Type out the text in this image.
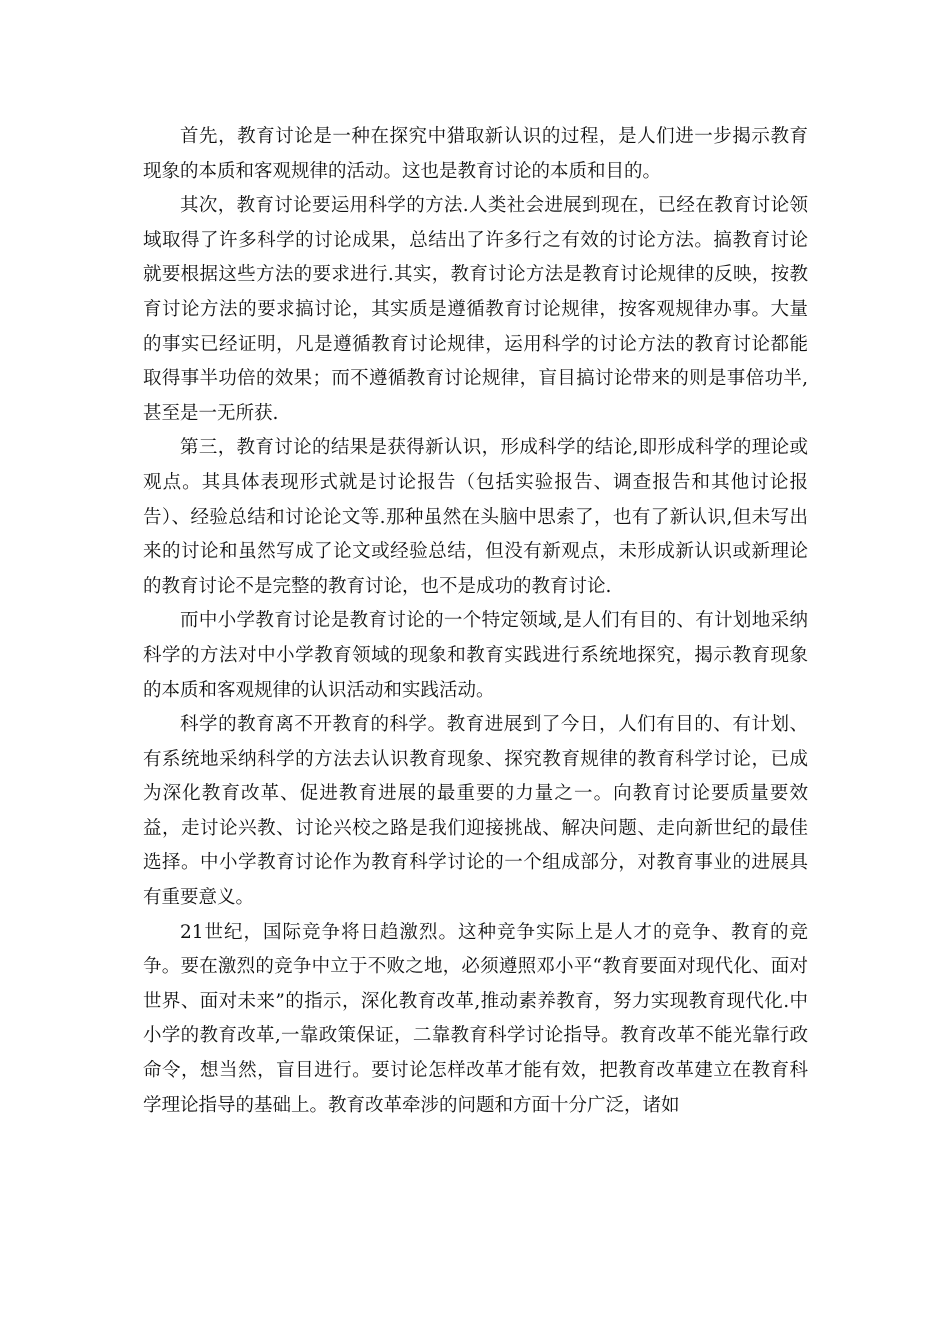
首先，教育讨论是一种在探究中猎取新认识的过程，是人们进一步揭示教育现象的本质和客观规律的活动。这也是教育讨论的本质和目的。

其次，教育讨论要运用科学的方法.人类社会进展到现在，已经在教育讨论领域取得了许多科学的讨论成果，总结出了许多行之有效的讨论方法。搞教育讨论就要根据这些方法的要求进行.其实，教育讨论方法是教育讨论规律的反映，按教育讨论方法的要求搞讨论，其实质是遵循教育讨论规律，按客观规律办事。大量的事实已经证明，凡是遵循教育讨论规律，运用科学的讨论方法的教育讨论都能取得事半功倍的效果；而不遵循教育讨论规律，盲目搞讨论带来的则是事倍功半,甚至是一无所获.

第三，教育讨论的结果是获得新认识，形成科学的结论,即形成科学的理论或观点。其具体表现形式就是讨论报告（包括实验报告、调查报告和其他讨论报告）、经验总结和讨论论文等.那种虽然在头脑中思索了，也有了新认识,但未写出来的讨论和虽然写成了论文或经验总结，但没有新观点，未形成新认识或新理论的教育讨论不是完整的教育讨论，也不是成功的教育讨论.

而中小学教育讨论是教育讨论的一个特定领域,是人们有目的、有计划地采纳科学的方法对中小学教育领域的现象和教育实践进行系统地探究，揭示教育现象的本质和客观规律的认识活动和实践活动。

科学的教育离不开教育的科学。教育进展到了今日，人们有目的、有计划、有系统地采纳科学的方法去认识教育现象、探究教育规律的教育科学讨论，已成为深化教育改革、促进教育进展的最重要的力量之一。向教育讨论要质量要效益，走讨论兴教、讨论兴校之路是我们迎接挑战、解决问题、走向新世纪的最佳选择。中小学教育讨论作为教育科学讨论的一个组成部分，对教育事业的进展具有重要意义。

21世纪，国际竞争将日趋激烈。这种竞争实际上是人才的竞争、教育的竞争。要在激烈的竞争中立于不败之地，必须遵照邓小平“教育要面对现代化、面对世界、面对未来”的指示，深化教育改革,推动素养教育，努力实现教育现代化.中小学的教育改革,一靠政策保证，二靠教育科学讨论指导。教育改革不能光靠行政命令，想当然，盲目进行。要讨论怎样改革才能有效，把教育改革建立在教育科学理论指导的基础上。教育改革牵涉的问题和方面十分广泛，诸如
